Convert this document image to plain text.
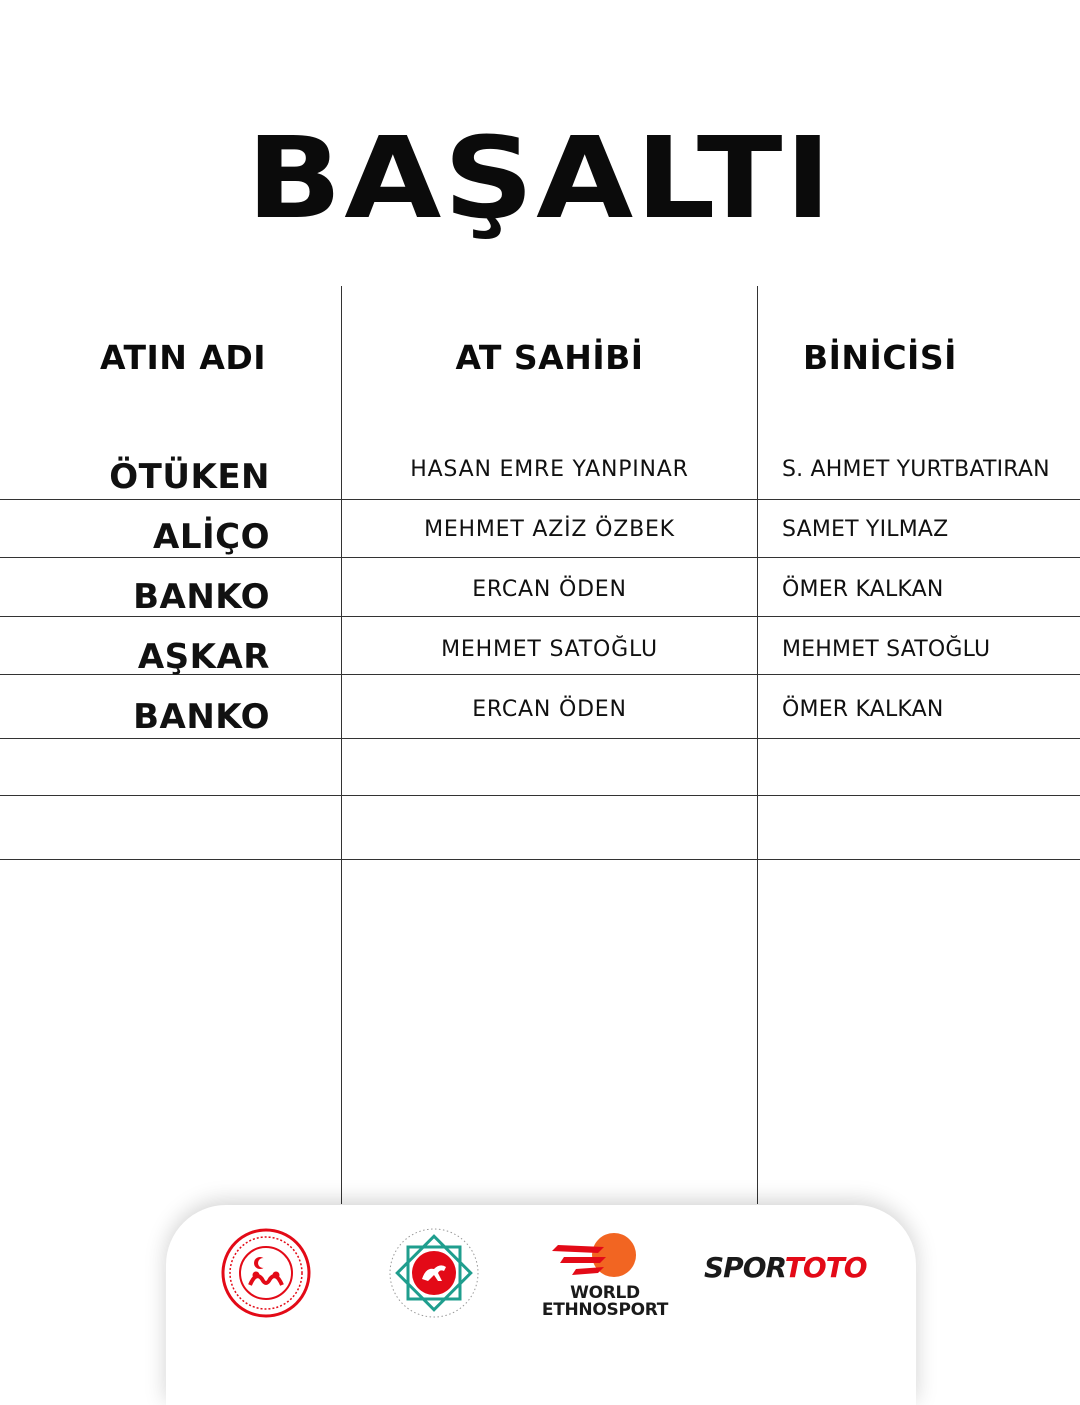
BAŞALTI
ATIN ADI	AT SAHİBİ	BİNİCİSİ
ÖTÜKEN	HASAN EMRE YANPINAR	S. AHMET YURTBATIRAN
ALİÇO	MEHMET AZİZ ÖZBEK	SAMET YILMAZ
BANKO	ERCAN ÖDEN	ÖMER KALKAN
AŞKAR	MEHMET SATOĞLU	MEHMET SATOĞLU
BANKO	ERCAN ÖDEN	ÖMER KALKAN
WORLD
ETHNOSPORT
SPORTOTO
